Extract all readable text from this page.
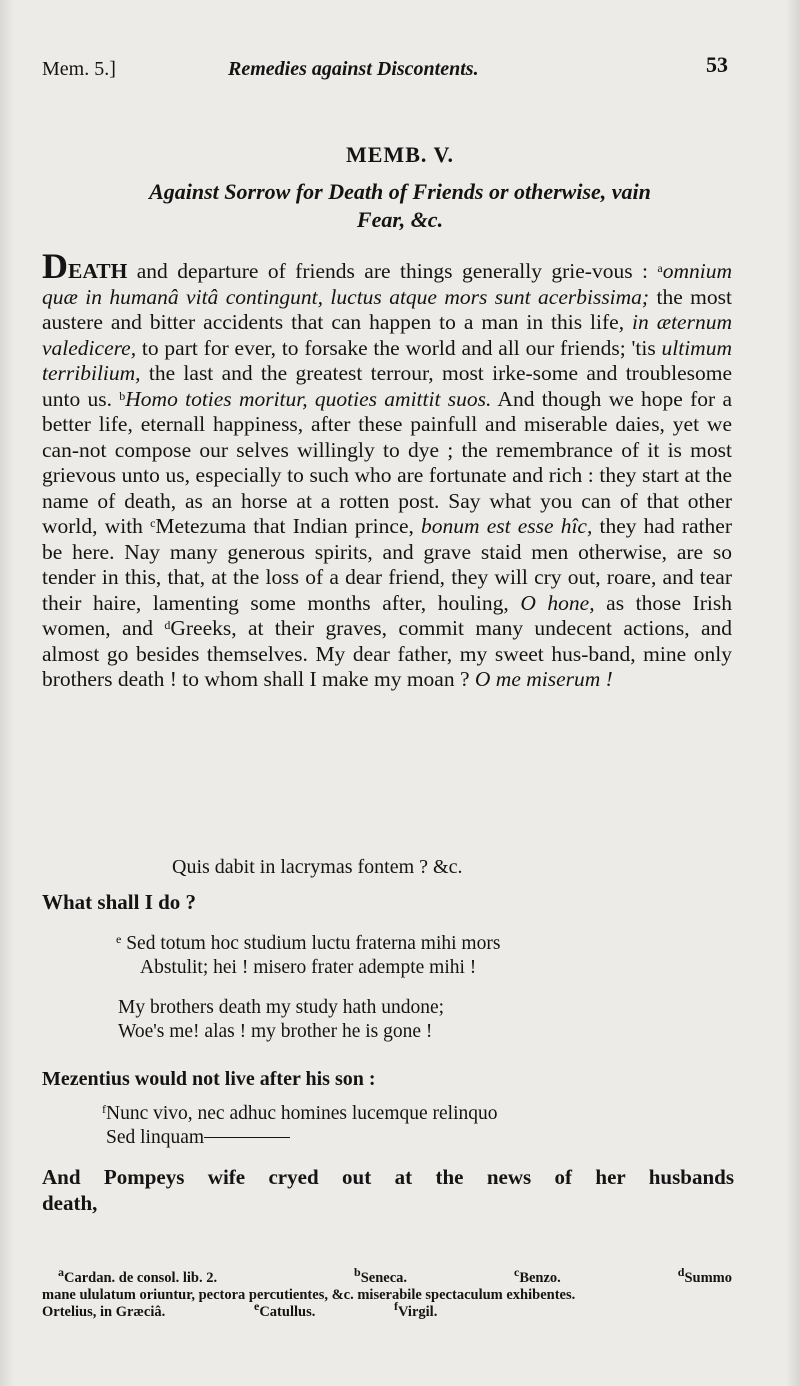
Mem. 5.]	Remedies against Discontents.	53
MEMB. V.
Against Sorrow for Death of Friends or otherwise, vain
Fear, &c.

DEATH and departure of friends are things generally grie-vous : $^a$omnium quæ in humanâ vitâ contingunt, luctus atque mors sunt acerbissima; the most austere and bitter accidents that can happen to a man in this life, in æternum valedicere, to part for ever, to forsake the world and all our friends; 'tis ultimum terribilium, the last and the greatest terrour, most irke-some and troublesome unto us. $^b$Homo toties moritur, quoties amittit suos. And though we hope for a better life, eternall happiness, after these painfull and miserable daies, yet we can-not compose our selves willingly to dye ; the remembrance of it is most grievous unto us, especially to such who are fortunate and rich : they start at the name of death, as an horse at a rotten post. Say what you can of that other world, with $^c$Metezuma that Indian prince, bonum est esse hîc, they had rather be here. Nay many generous spirits, and grave staid men otherwise, are so tender in this, that, at the loss of a dear friend, they will cry out, roare, and tear their haire, lamenting some months after, houling, O hone, as those Irish women, and $^d$Greeks, at their graves, commit many undecent actions, and almost go besides themselves. My dear father, my sweet hus-band, mine only brothers death ! to whom shall I make my moan ? O me miserum !

Quis dabit in lacrymas fontem ? &c.
What shall I do ?
$^e$ Sed totum hoc studium luctu fraterna mihi mors
Abstulit; hei ! misero frater adempte mihi !
My brothers death my study hath undone;
Woe's me! alas ! my brother he is gone !
Mezentius would not live after his son :
$^f$Nunc vivo, nec adhuc homines lucemque relinquo
Sed linquam
And Pompeys wife cryed out at the news of her husbands
death,
$^a$Cardan. de consol. lib. 2.	$^b$Seneca.	$^c$Benzo.	$^d$Summo
mane ululatum oriuntur, pectora percutientes, &c. miserabile spectaculum exhibentes.
Ortelius, in Græciâ.	$^e$Catullus.	$^f$Virgil.
